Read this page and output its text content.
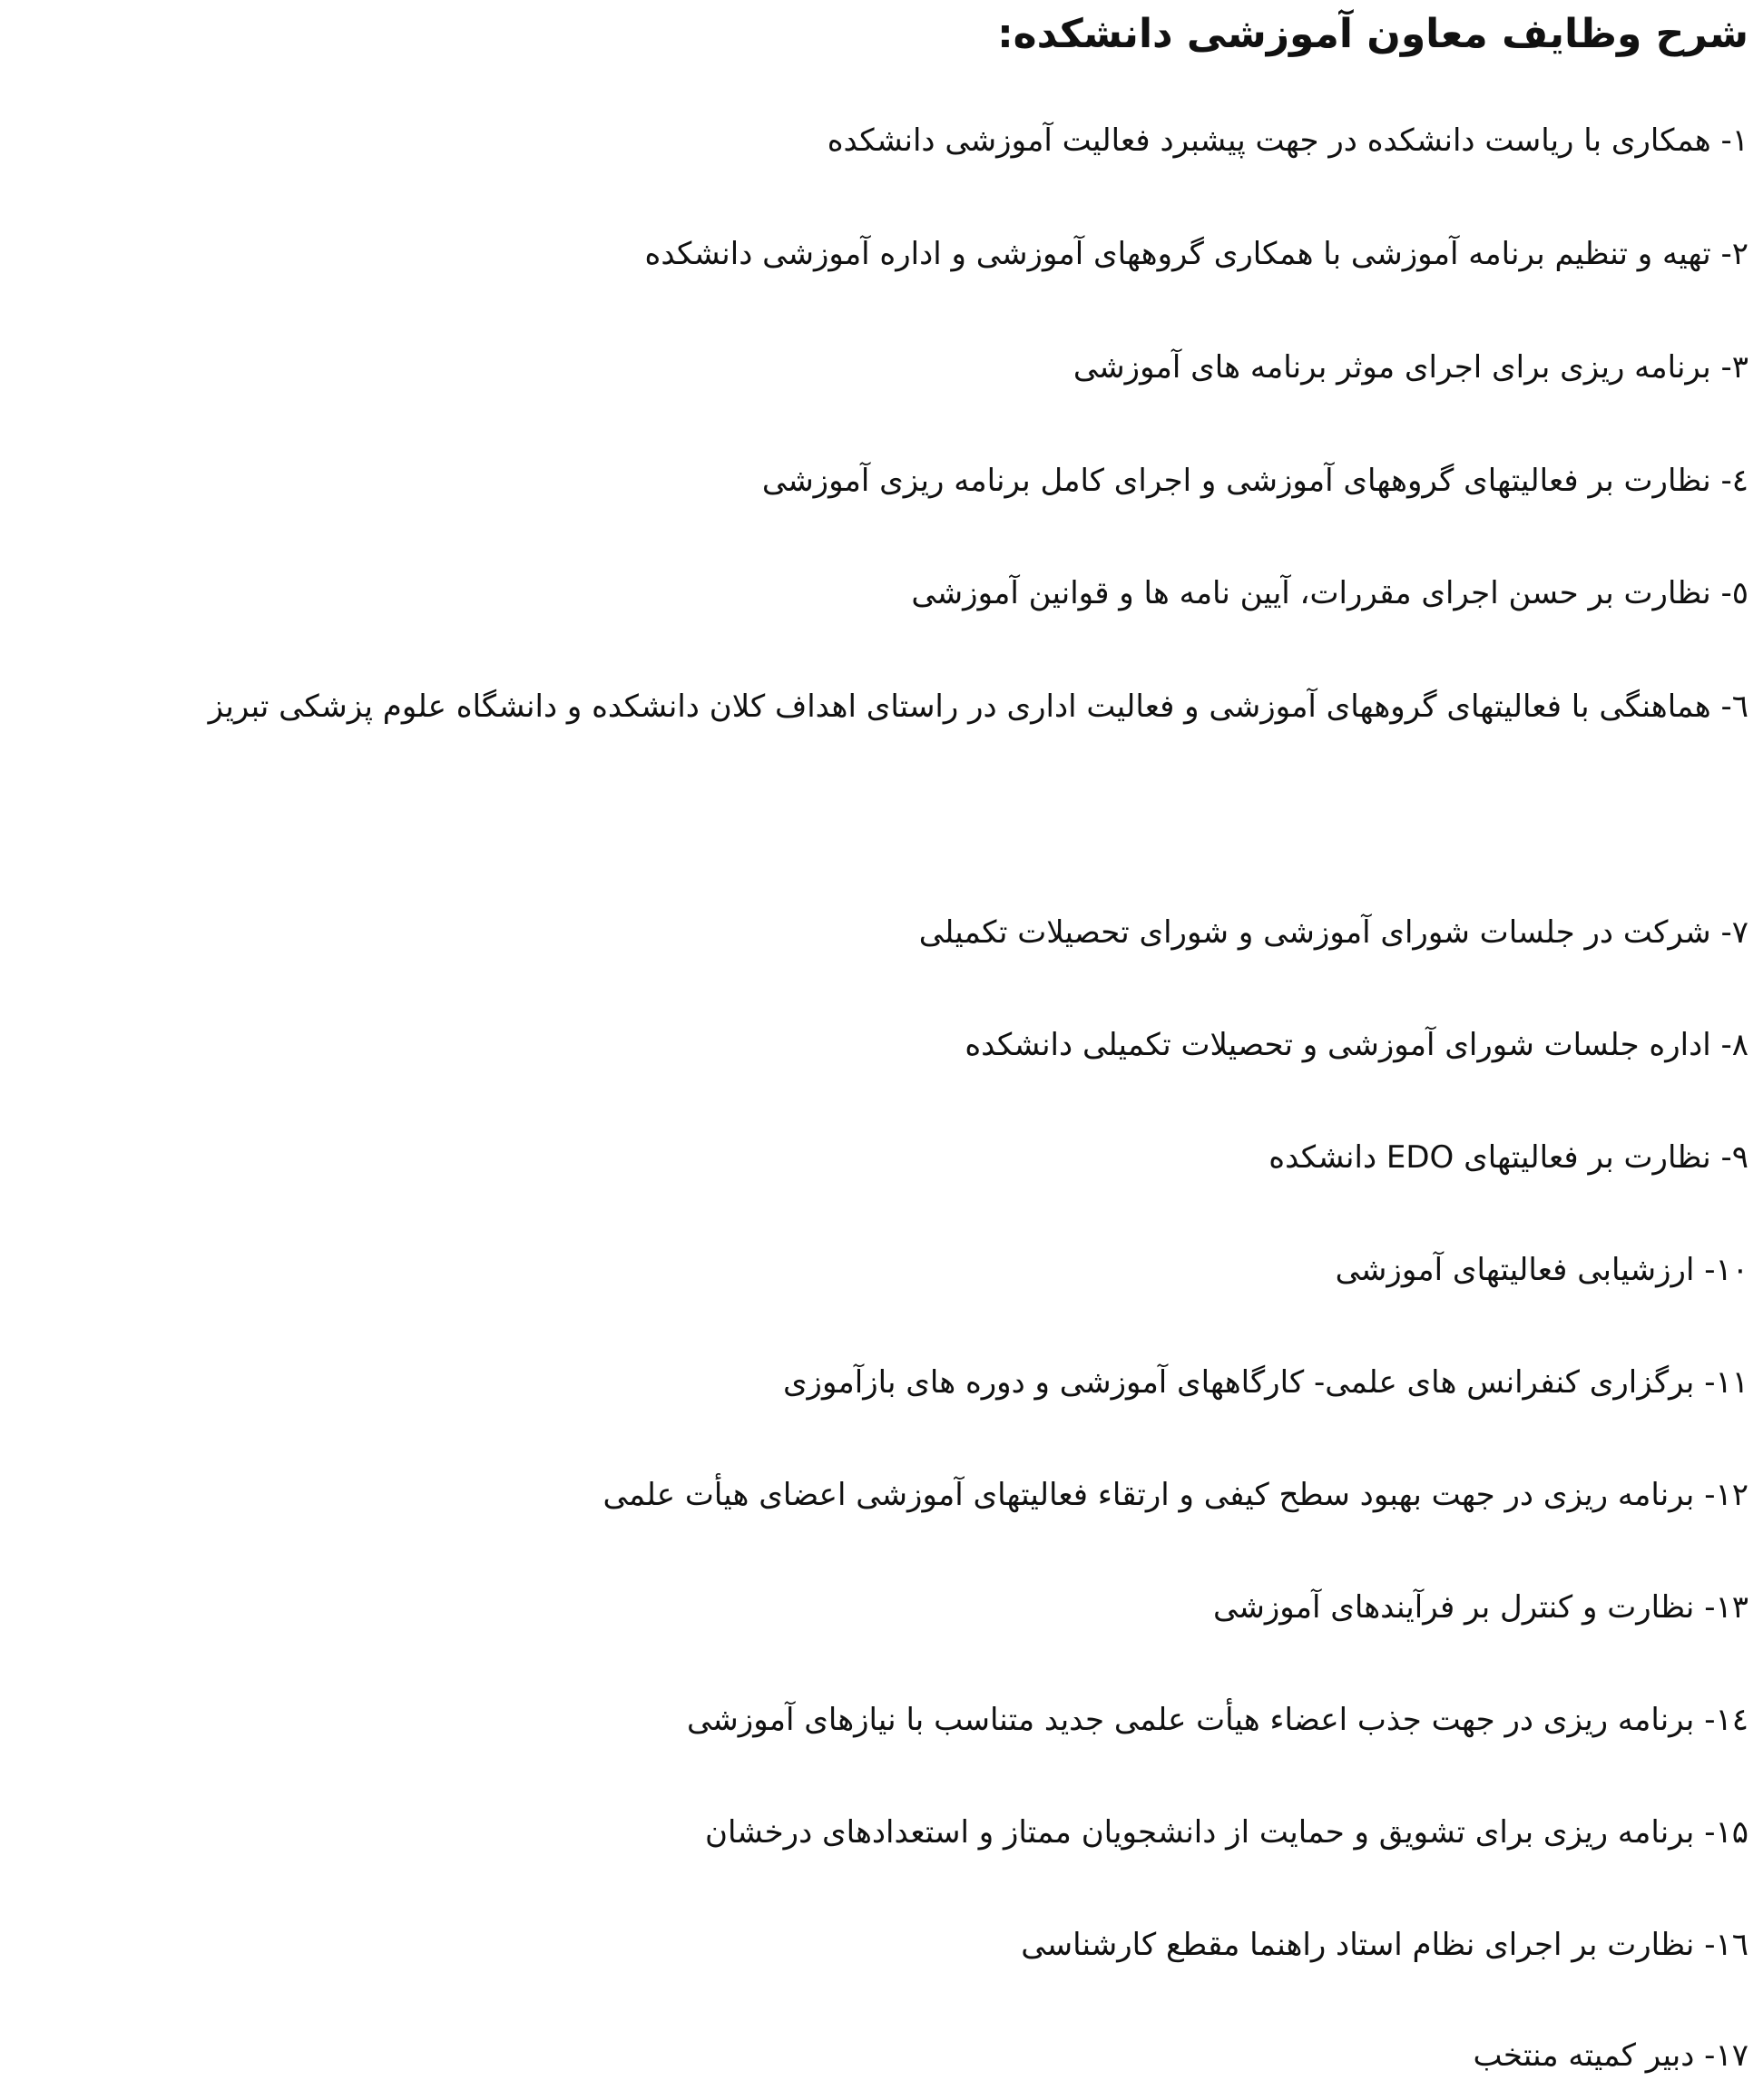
شرح وظایف معاون آموزشی دانشکده:
۱- همکاری با ریاست دانشکده در جهت پیشبرد فعالیت آموزشی دانشکده
۲- تهیه و تنظیم برنامه آموزشی با همکاری گروههای آموزشی و اداره آموزشی دانشکده
۳- برنامه ریزی برای اجرای موثر برنامه های آموزشی
٤- نظارت بر فعالیتهای گروههای آموزشی و اجرای کامل برنامه ریزی آموزشی
٥- نظارت بر حسن اجرای مقررات، آیین نامه ها و قوانین آموزشی
٦- هماهنگی با فعالیتهای گروههای آموزشی و فعالیت اداری در راستای اهداف کلان دانشکده و دانشگاه علوم پزشکی تبریز
۷- شرکت در جلسات شورای آموزشی و شورای تحصیلات تکمیلی
۸- اداره جلسات شورای آموزشی و تحصیلات تکمیلی دانشکده
۹- نظارت بر فعالیتهای EDO دانشکده
۱۰- ارزشیابی فعالیتهای آموزشی
۱۱- برگزاری کنفرانس های علمی- کارگاههای آموزشی و دوره های بازآموزی
۱۲- برنامه ریزی در جهت بهبود سطح کیفی و ارتقاء فعالیتهای آموزشی اعضای هیأت علمی
۱۳- نظارت و کنترل بر فرآیندهای آموزشی
١٤- برنامه ریزی در جهت جذب اعضاء هیأت علمی جدید متناسب با نیازهای آموزشی
۱۵- برنامه ریزی برای تشویق و حمایت از دانشجویان ممتاز و استعدادهای درخشان
١٦- نظارت بر اجرای نظام استاد راهنما مقطع کارشناسی
۱۷- دبیر کمیته منتخب
